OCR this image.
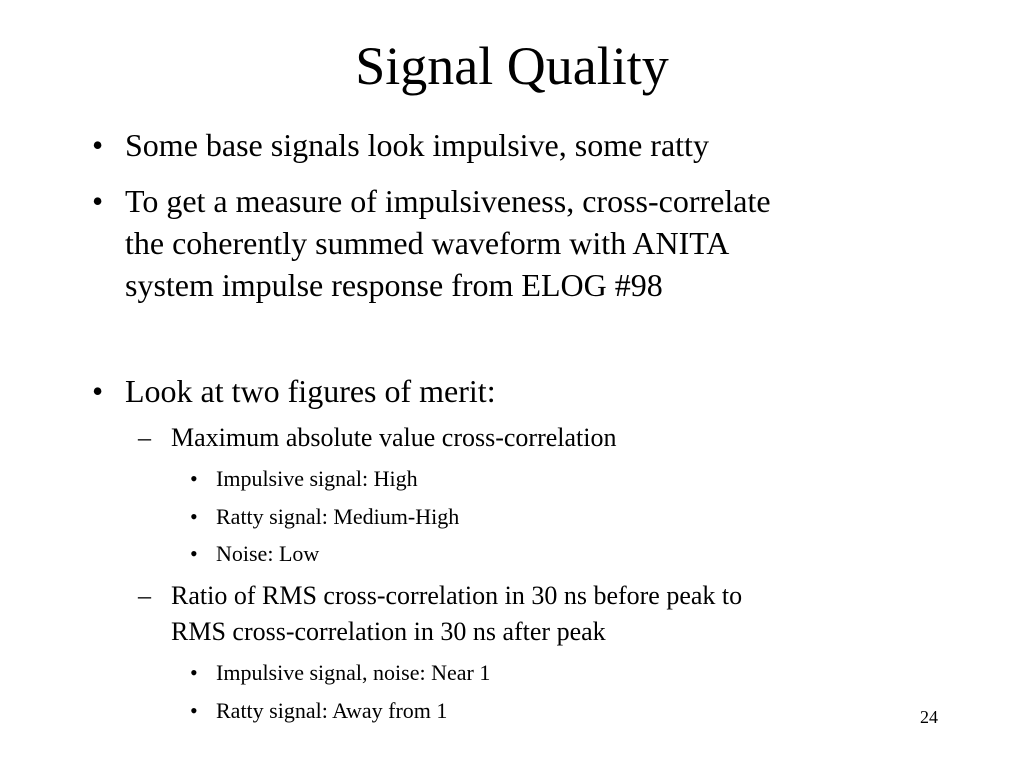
Signal Quality
• Some base signals look impulsive, some ratty
• To get a measure of impulsiveness, cross-correlate
the coherently summed waveform with ANITA
system impulse response from ELOG #98
• Look at two figures of merit:
– Maximum absolute value cross-correlation
• Impulsive signal: High
• Ratty signal: Medium-High
• Noise: Low
– Ratio of RMS cross-correlation in 30 ns before peak to
RMS cross-correlation in 30 ns after peak
• Impulsive signal, noise: Near 1
• Ratty signal: Away from 1	24
